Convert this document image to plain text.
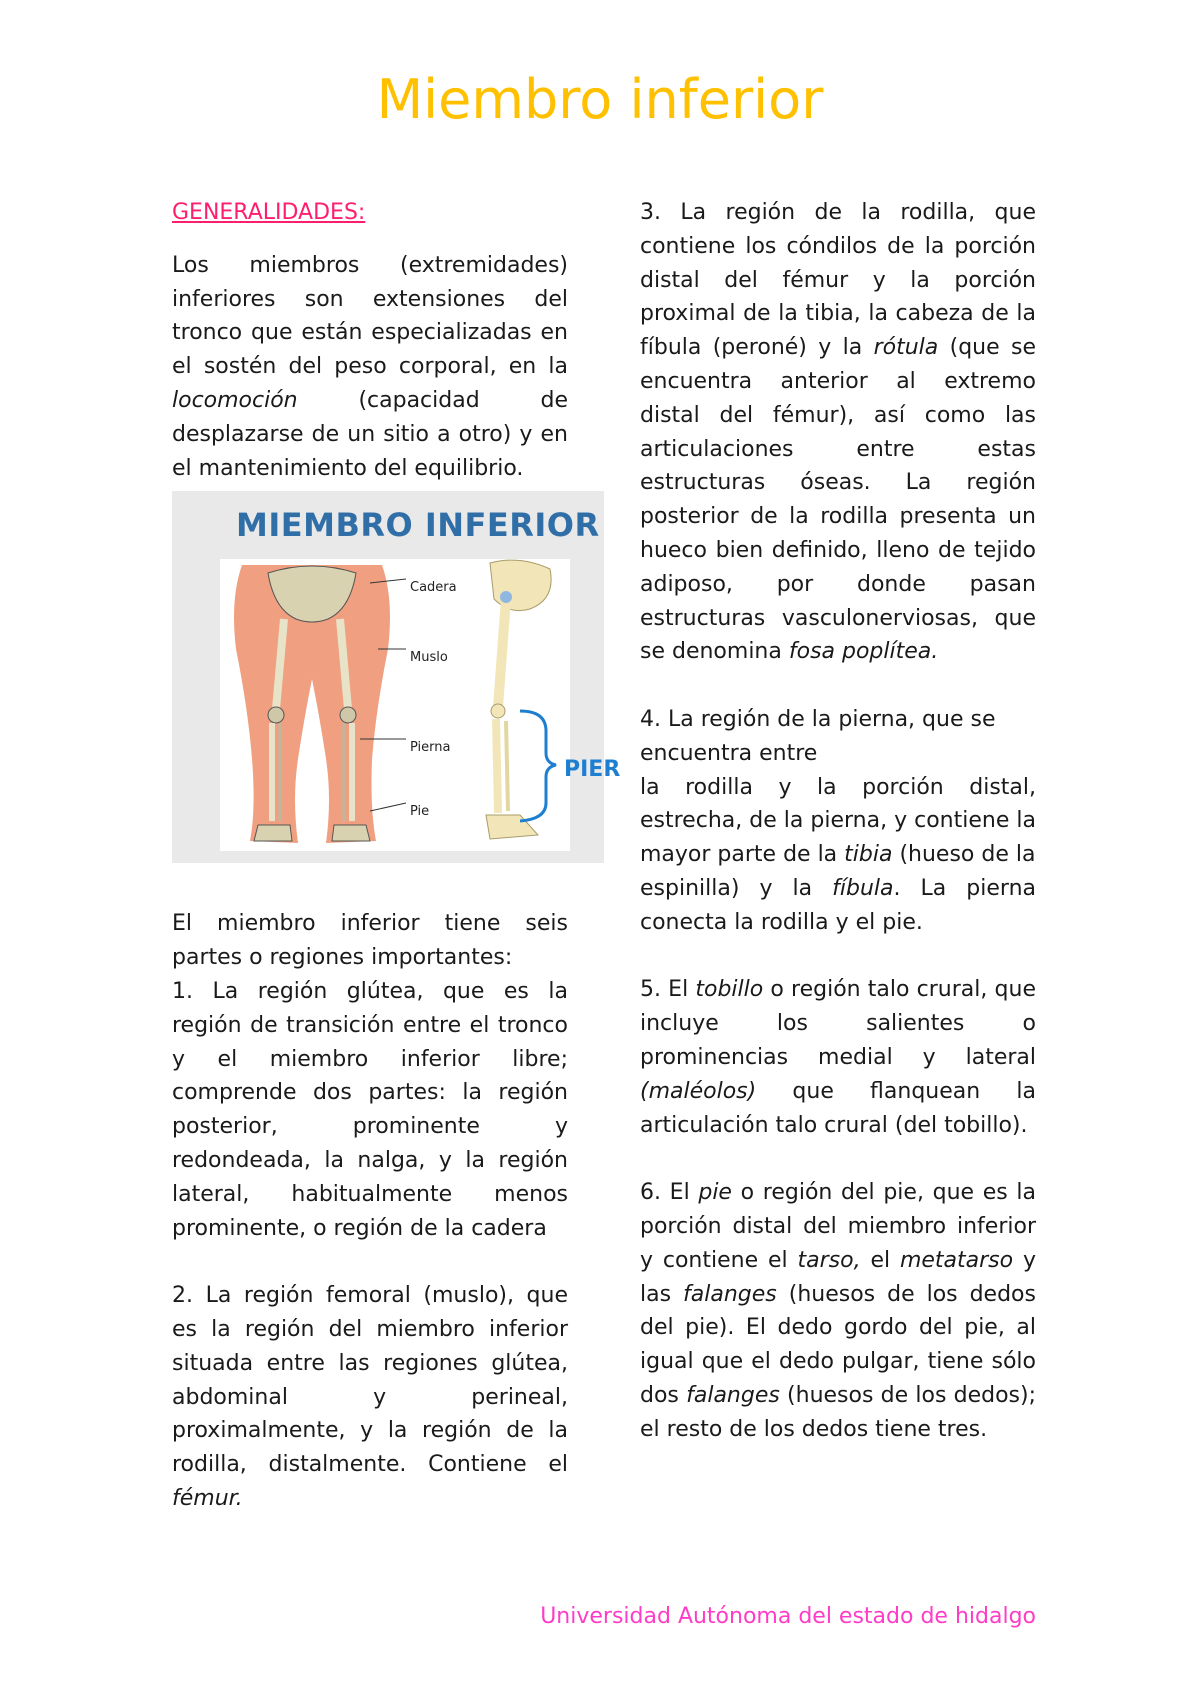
Miembro inferior
GENERALIDADES:

Los miembros (extremidades) inferiores son extensiones del tronco que están especializadas en el sostén del peso corporal, en la locomoción (capacidad de desplazarse de un sitio a otro) y en el mantenimiento del equilibrio.

MIEMBRO INFERIOR
Cadera
Muslo
Pierna
Pie
PIER

El miembro inferior tiene seis partes o regiones importantes:

1. La región glútea, que es la región de transición entre el tronco y el miembro inferior libre; comprende dos partes: la región posterior, prominente y redondeada, la nalga, y la región lateral, habitualmente menos prominente, o región de la cadera

2. La región femoral (muslo), que es la región del miembro inferior situada entre las regiones glútea, abdominal y perineal, proximalmente, y la región de la rodilla, distalmente. Contiene el fémur.

3. La región de la rodilla, que contiene los cóndilos de la porción distal del fémur y la porción proximal de la tibia, la cabeza de la fíbula (peroné) y la rótula (que se encuentra anterior al extremo distal del fémur), así como las articulaciones entre estas estructuras óseas. La región posterior de la rodilla presenta un hueco bien definido, lleno de tejido adiposo, por donde pasan estructuras vasculonerviosas, que se denomina fosa poplítea.

4. La región de la pierna, que se encuentra entre

la rodilla y la porción distal, estrecha, de la pierna, y contiene la mayor parte de la tibia (hueso de la

espinilla) y la fíbula. La pierna conecta la rodilla y el pie.

5. El tobillo o región talo crural, que incluye los salientes o prominencias medial y lateral (maléolos) que flanquean la articulación talo crural (del tobillo).

6. El pie o región del pie, que es la porción distal del miembro inferior y contiene el tarso, el metatarso y las falanges (huesos de los dedos del pie). El dedo gordo del pie, al igual que el dedo pulgar, tiene sólo dos falanges (huesos de los dedos); el resto de los dedos tiene tres.

Universidad Autónoma del estado de hidalgo
